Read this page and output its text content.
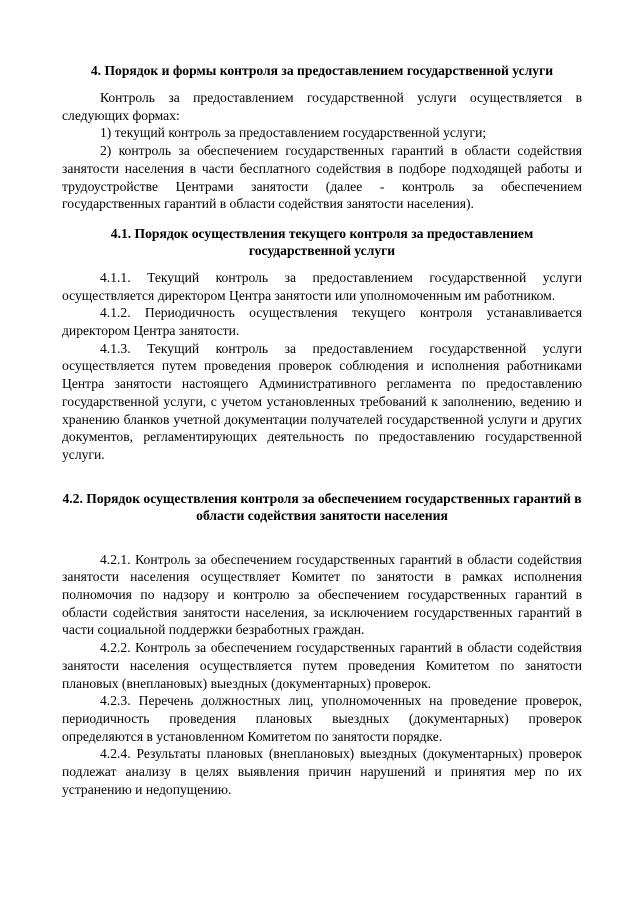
4. Порядок и формы контроля за предоставлением государственной услуги

Контроль за предоставлением государственной услуги осуществляется в следующих формах:

1) текущий контроль за предоставлением государственной услуги;

2) контроль за обеспечением государственных гарантий в области содействия занятости населения в части бесплатного содействия в подборе подходящей работы и трудоустройстве Центрами занятости (далее - контроль за обеспечением государственных гарантий в области содействия занятости населения).

4.1. Порядок осуществления текущего контроля за предоставлением государственной услуги

4.1.1. Текущий контроль за предоставлением государственной услуги осуществляется директором Центра занятости или уполномоченным им работником.

4.1.2. Периодичность осуществления текущего контроля устанавливается директором Центра занятости.

4.1.3. Текущий контроль за предоставлением государственной услуги осуществляется путем проведения проверок соблюдения и исполнения работниками Центра занятости настоящего Административного регламента по предоставлению государственной услуги, с учетом установленных требований к заполнению, ведению и хранению бланков учетной документации получателей государственной услуги и других документов, регламентирующих деятельность по предоставлению государственной услуги.

4.2. Порядок осуществления контроля за обеспечением государственных гарантий в области содействия занятости населения

4.2.1. Контроль за обеспечением государственных гарантий в области содействия занятости населения осуществляет Комитет по занятости в рамках исполнения полномочия по надзору и контролю за обеспечением государственных гарантий в области содействия занятости населения, за исключением государственных гарантий в части социальной поддержки безработных граждан.

4.2.2. Контроль за обеспечением государственных гарантий в области содействия занятости населения осуществляется путем проведения Комитетом по занятости плановых (внеплановых) выездных (документарных) проверок.

4.2.3. Перечень должностных лиц, уполномоченных на проведение проверок, периодичность проведения плановых выездных (документарных) проверок определяются в установленном Комитетом по занятости порядке.

4.2.4. Результаты плановых (внеплановых) выездных (документарных) проверок подлежат анализу в целях выявления причин нарушений и принятия мер по их устранению и недопущению.
